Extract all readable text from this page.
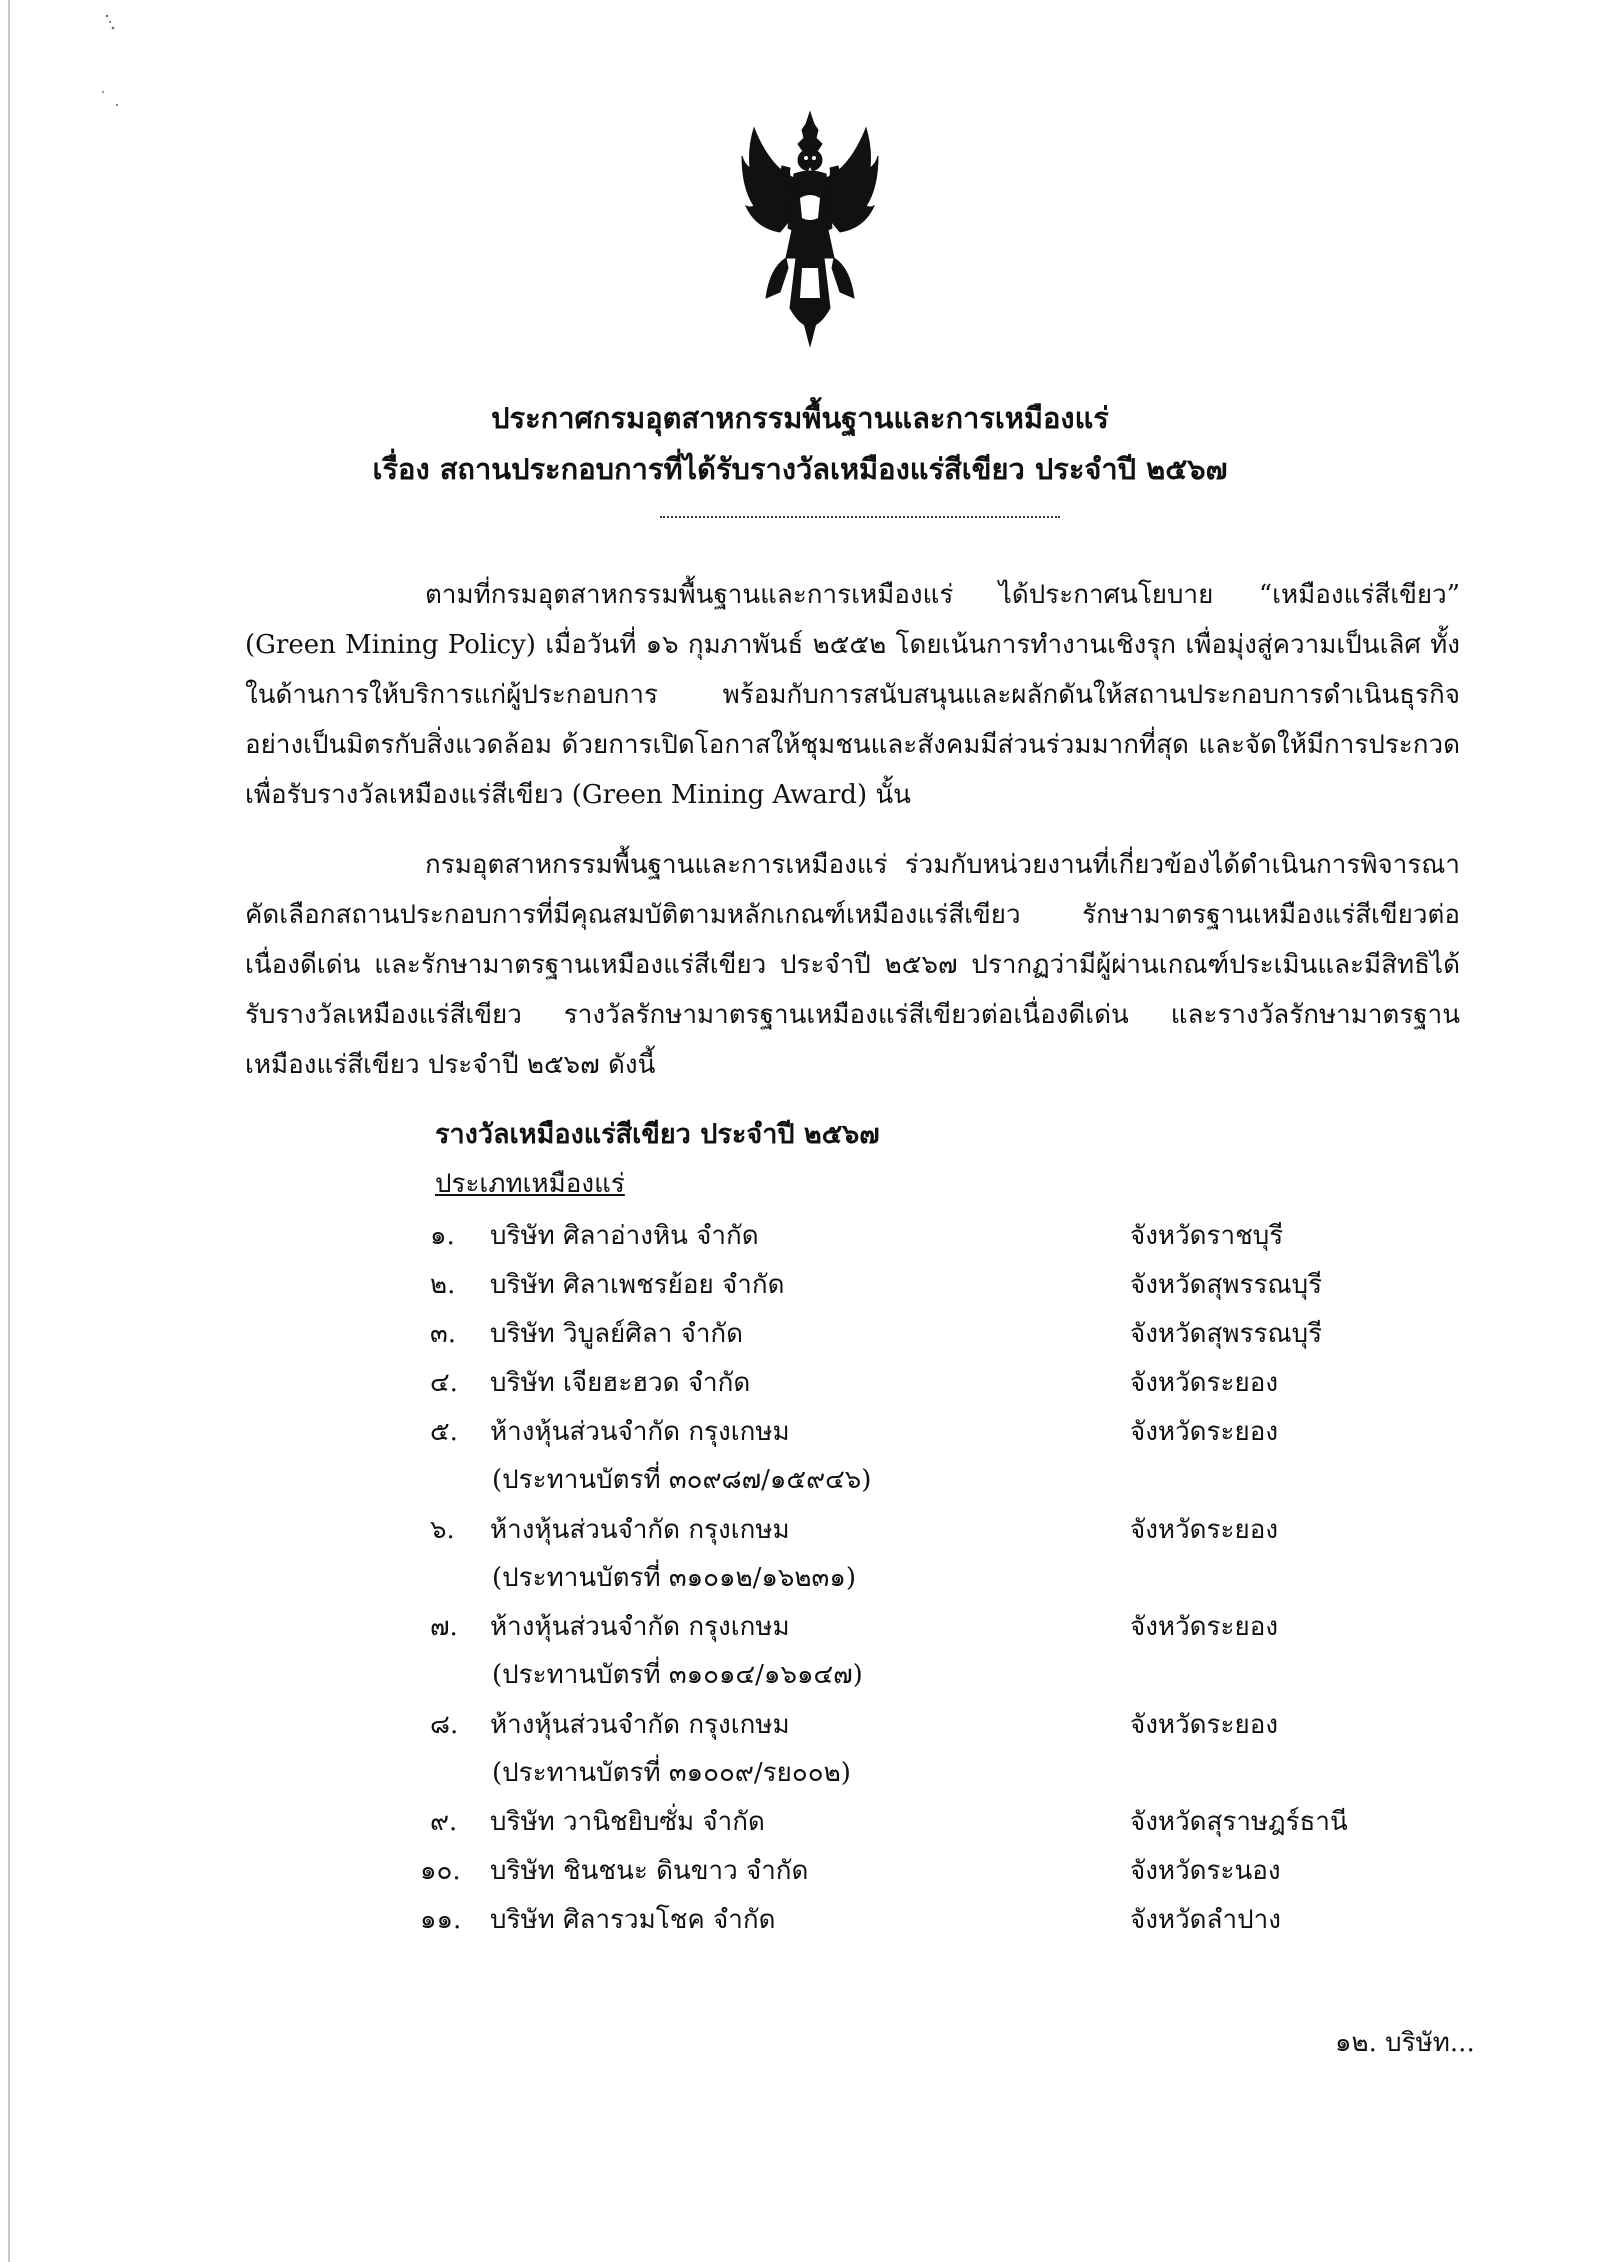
ประกาศกรมอุตสาหกรรมพื้นฐานและการเหมืองแร่
เรื่อง สถานประกอบการที่ได้รับรางวัลเหมืองแร่สีเขียว ประจำปี ๒๕๖๗

ตามที่กรมอุตสาหกรรมพื้นฐานและการเหมืองแร่ ได้ประกาศนโยบาย “เหมืองแร่สีเขียว” (Green Mining Policy) เมื่อวันที่ ๑๖ กุมภาพันธ์ ๒๕๕๒ โดยเน้นการทำงานเชิงรุก เพื่อมุ่งสู่ความเป็นเลิศ ทั้งในด้านการให้บริการแก่ผู้ประกอบการ พร้อมกับการสนับสนุนและผลักดันให้สถานประกอบการดำเนินธุรกิจอย่างเป็นมิตรกับสิ่งแวดล้อม ด้วยการเปิดโอกาสให้ชุมชนและสังคมมีส่วนร่วมมากที่สุด และจัดให้มีการประกวดเพื่อรับรางวัลเหมืองแร่สีเขียว (Green Mining Award) นั้น

กรมอุตสาหกรรมพื้นฐานและการเหมืองแร่ ร่วมกับหน่วยงานที่เกี่ยวข้องได้ดำเนินการพิจารณาคัดเลือกสถานประกอบการที่มีคุณสมบัติตามหลักเกณฑ์เหมืองแร่สีเขียว รักษามาตรฐานเหมืองแร่สีเขียวต่อเนื่องดีเด่น และรักษามาตรฐานเหมืองแร่สีเขียว ประจำปี ๒๕๖๗ ปรากฏว่ามีผู้ผ่านเกณฑ์ประเมินและมีสิทธิได้รับรางวัลเหมืองแร่สีเขียว รางวัลรักษามาตรฐานเหมืองแร่สีเขียวต่อเนื่องดีเด่น และรางวัลรักษามาตรฐานเหมืองแร่สีเขียว ประจำปี ๒๕๖๗ ดังนี้

รางวัลเหมืองแร่สีเขียว ประจำปี ๒๕๖๗
ประเภทเหมืองแร่
๑. บริษัท ศิลาอ่างหิน จำกัด	จังหวัดราชบุรี
๒. บริษัท ศิลาเพชรย้อย จำกัด	จังหวัดสุพรรณบุรี
๓. บริษัท วิบูลย์ศิลา จำกัด	จังหวัดสุพรรณบุรี
๔. บริษัท เจียฮะฮวด จำกัด	จังหวัดระยอง
๕. ห้างหุ้นส่วนจำกัด กรุงเกษม	จังหวัดระยอง
(ประทานบัตรที่ ๓๐๙๘๗/๑๕๙๔๖)
๖. ห้างหุ้นส่วนจำกัด กรุงเกษม	จังหวัดระยอง
(ประทานบัตรที่ ๓๑๐๑๒/๑๖๒๓๑)
๗. ห้างหุ้นส่วนจำกัด กรุงเกษม	จังหวัดระยอง
(ประทานบัตรที่ ๓๑๐๑๔/๑๖๑๔๗)
๘. ห้างหุ้นส่วนจำกัด กรุงเกษม	จังหวัดระยอง
(ประทานบัตรที่ ๓๑๐๐๙/รย๐๐๒)
๙. บริษัท วานิชยิบซั่ม จำกัด	จังหวัดสุราษฎร์ธานี
๑๐. บริษัท ชินชนะ ดินขาว จำกัด	จังหวัดระนอง
๑๑. บริษัท ศิลารวมโชค จำกัด	จังหวัดลำปาง
๑๒. บริษัท...
